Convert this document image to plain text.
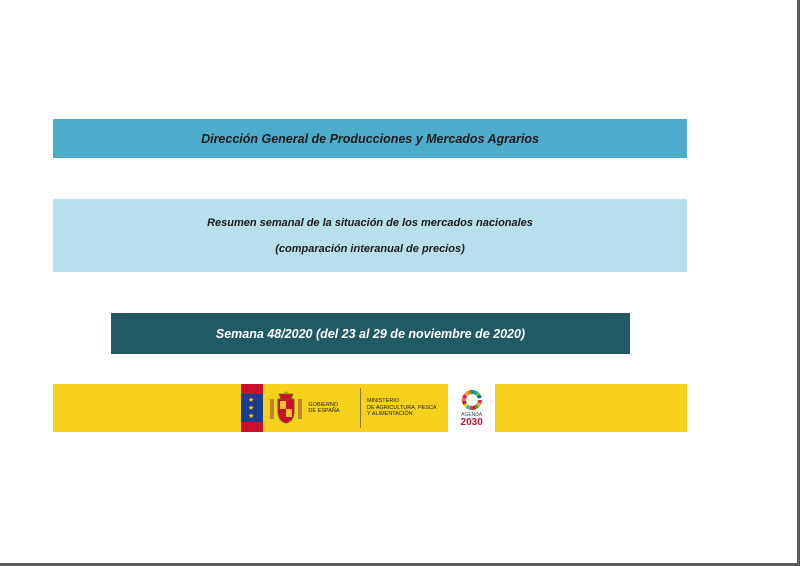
Dirección General de Producciones y Mercados Agrarios
Resumen semanal de la situación de los mercados nacionales
(comparación interanual de precios)
Semana 48/2020 (del 23 al 29 de noviembre de 2020)
★
★
★
GOBIERNO
DE ESPAÑA
MINISTERIO
DE AGRICULTURA, PESCA
Y ALIMENTACIÓN	AGENDA
2030
